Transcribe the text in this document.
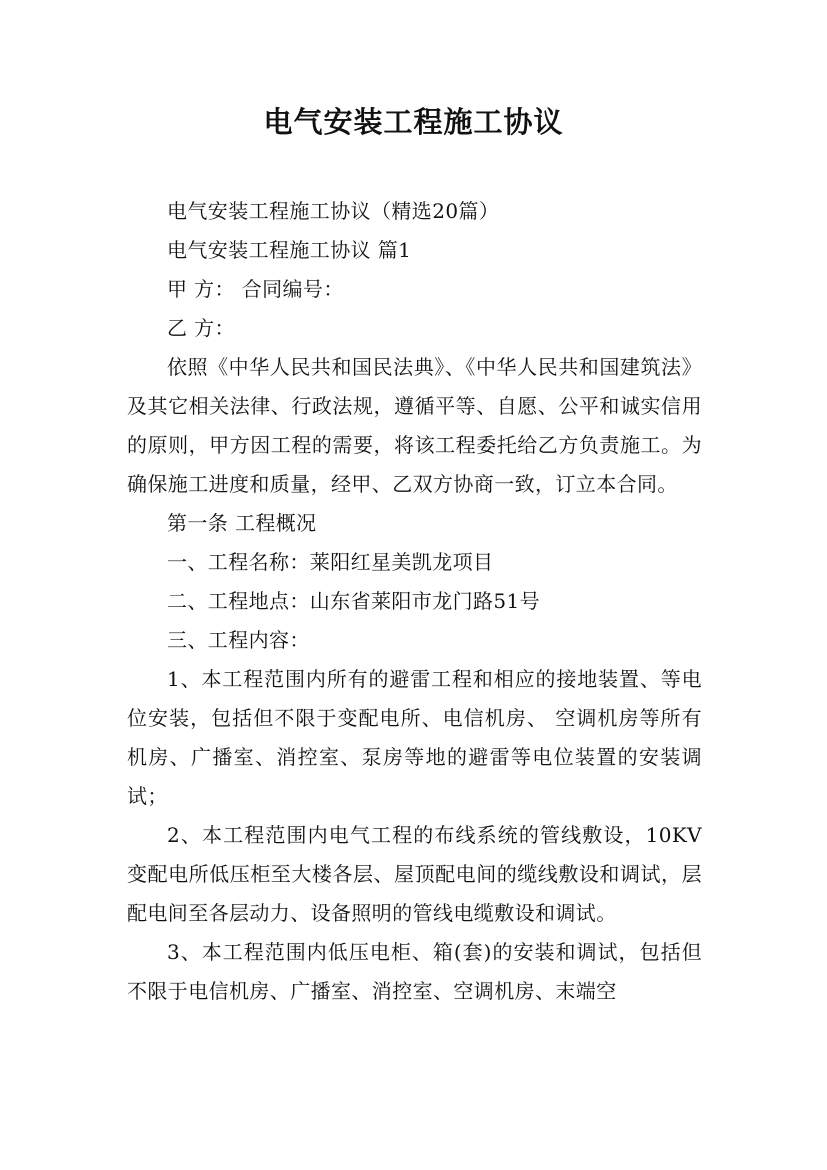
电气安装工程施工协议

电气安装工程施工协议（精选20篇）

电气安装工程施工协议 篇1

甲 方： 合同编号：

乙 方：

依照《中华人民共和国民法典》、《中华人民共和国建筑法》及其它相关法律、行政法规，遵循平等、自愿、公平和诚实信用的原则，甲方因工程的需要，将该工程委托给乙方负责施工。为确保施工进度和质量，经甲、乙双方协商一致，订立本合同。

第一条 工程概况

一、工程名称：莱阳红星美凯龙项目

二、工程地点：山东省莱阳市龙门路51号

三、工程内容：

1、本工程范围内所有的避雷工程和相应的接地装置、等电位安装，包括但不限于变配电所、电信机房、 空调机房等所有机房、广播室、消控室、泵房等地的避雷等电位装置的安装调试；

2、本工程范围内电气工程的布线系统的管线敷设，10KV变配电所低压柜至大楼各层、屋顶配电间的缆线敷设和调试，层配电间至各层动力、设备照明的管线电缆敷设和调试。

3、本工程范围内低压电柜、箱(套)的安装和调试，包括但不限于电信机房、广播室、消控室、空调机房、末端空
